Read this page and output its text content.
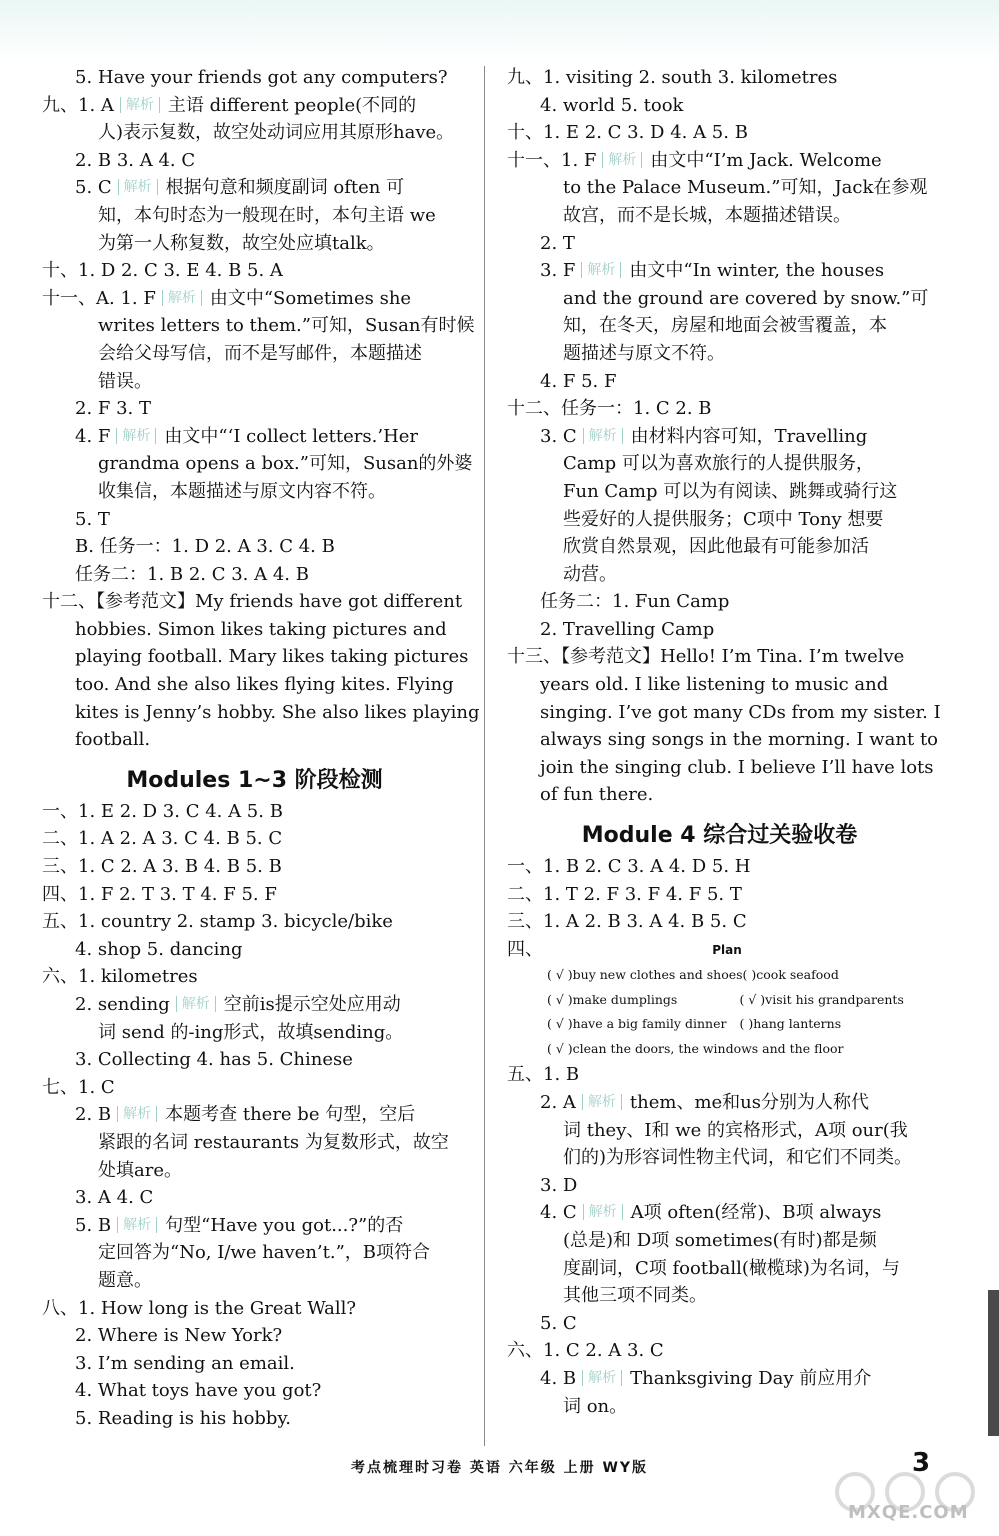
5. Have your friends got any computers?
九、1. A 解析 主语 different people(不同的
人)表示复数，故空处动词应用其原形have。
2. B 3. A 4. C
5. C 解析 根据句意和频度副词 often 可
知，本句时态为一般现在时，本句主语 we
为第一人称复数，故空处应填talk。
十、1. D 2. C 3. E 4. B 5. A
十一、A. 1. F 解析 由文中“Sometimes she
writes letters to them.”可知，Susan有时候
会给父母写信，而不是写邮件，本题描述
错误。
2. F 3. T
4. F 解析 由文中“‘I collect letters.’Her
grandma opens a box.”可知，Susan的外婆
收集信，本题描述与原文内容不符。
5. T
B. 任务一：1. D 2. A 3. C 4. B
任务二：1. B 2. C 3. A 4. B
十二、【参考范文】My friends have got different
hobbies. Simon likes taking pictures and
playing football. Mary likes taking pictures
too. And she also likes flying kites. Flying
kites is Jenny’s hobby. She also likes playing
football.
Modules 1~3 阶段检测
一、1. E 2. D 3. C 4. A 5. B
二、1. A 2. A 3. C 4. B 5. C
三、1. C 2. A 3. B 4. B 5. B
四、1. F 2. T 3. T 4. F 5. F
五、1. country 2. stamp 3. bicycle/bike
4. shop 5. dancing
六、1. kilometres
2. sending 解析 空前is提示空处应用动
词 send 的-ing形式，故填sending。
3. Collecting 4. has 5. Chinese
七、1. C
2. B 解析 本题考查 there be 句型，空后
紧跟的名词 restaurants 为复数形式，故空
处填are。
3. A 4. C
5. B 解析 句型“Have you got...?”的否
定回答为“No, I/we haven’t.”，B项符合
题意。
八、1. How long is the Great Wall?
2. Where is New York?
3. I’m sending an email.
4. What toys have you got?
5. Reading is his hobby.
九、1. visiting 2. south 3. kilometres
4. world 5. took
十、1. E 2. C 3. D 4. A 5. B
十一、1. F 解析 由文中“I’m Jack. Welcome
to the Palace Museum.”可知，Jack在参观
故宫，而不是长城，本题描述错误。
2. T
3. F 解析 由文中“In winter, the houses
and the ground are covered by snow.”可
知，在冬天，房屋和地面会被雪覆盖，本
题描述与原文不符。
4. F 5. F
十二、任务一：1. C 2. B
3. C 解析 由材料内容可知，Travelling
Camp 可以为喜欢旅行的人提供服务，
Fun Camp 可以为有阅读、跳舞或骑行这
些爱好的人提供服务；C项中 Tony 想要
欣赏自然景观，因此他最有可能参加活
动营。
任务二：1. Fun Camp
2. Travelling Camp
十三、【参考范文】Hello! I’m Tina. I’m twelve
years old. I like listening to music and
singing. I’ve got many CDs from my sister. I
always sing songs in the morning. I want to
join the singing club. I believe I’ll have lots
of fun there.
Module 4 综合过关验收卷
一、1. B 2. C 3. A 4. D 5. H
二、1. T 2. F 3. F 4. F 5. T
三、1. A 2. B 3. A 4. B 5. C
四、	Plan
( √ )buy new clothes and shoes ( )cook seafood
( √ )make dumplings	( √ )visit his grandparents
( √ )have a big family dinner	( )hang lanterns
( √ )clean the doors, the windows and the floor
五、1. B
2. A 解析 them、me和us分别为人称代
词 they、I和 we 的宾格形式，A项 our(我
们的)为形容词性物主代词，和它们不同类。
3. D
4. C 解析 A项 often(经常)、B项 always
(总是)和 D项 sometimes(有时)都是频
度副词，C项 football(橄榄球)为名词，与
其他三项不同类。
5. C
六、1. C 2. A 3. C
4. B 解析 Thanksgiving Day 前应用介
词 on。
考点梳理时习卷 英语 六年级 上册 WY版	3
MXQE.COM
